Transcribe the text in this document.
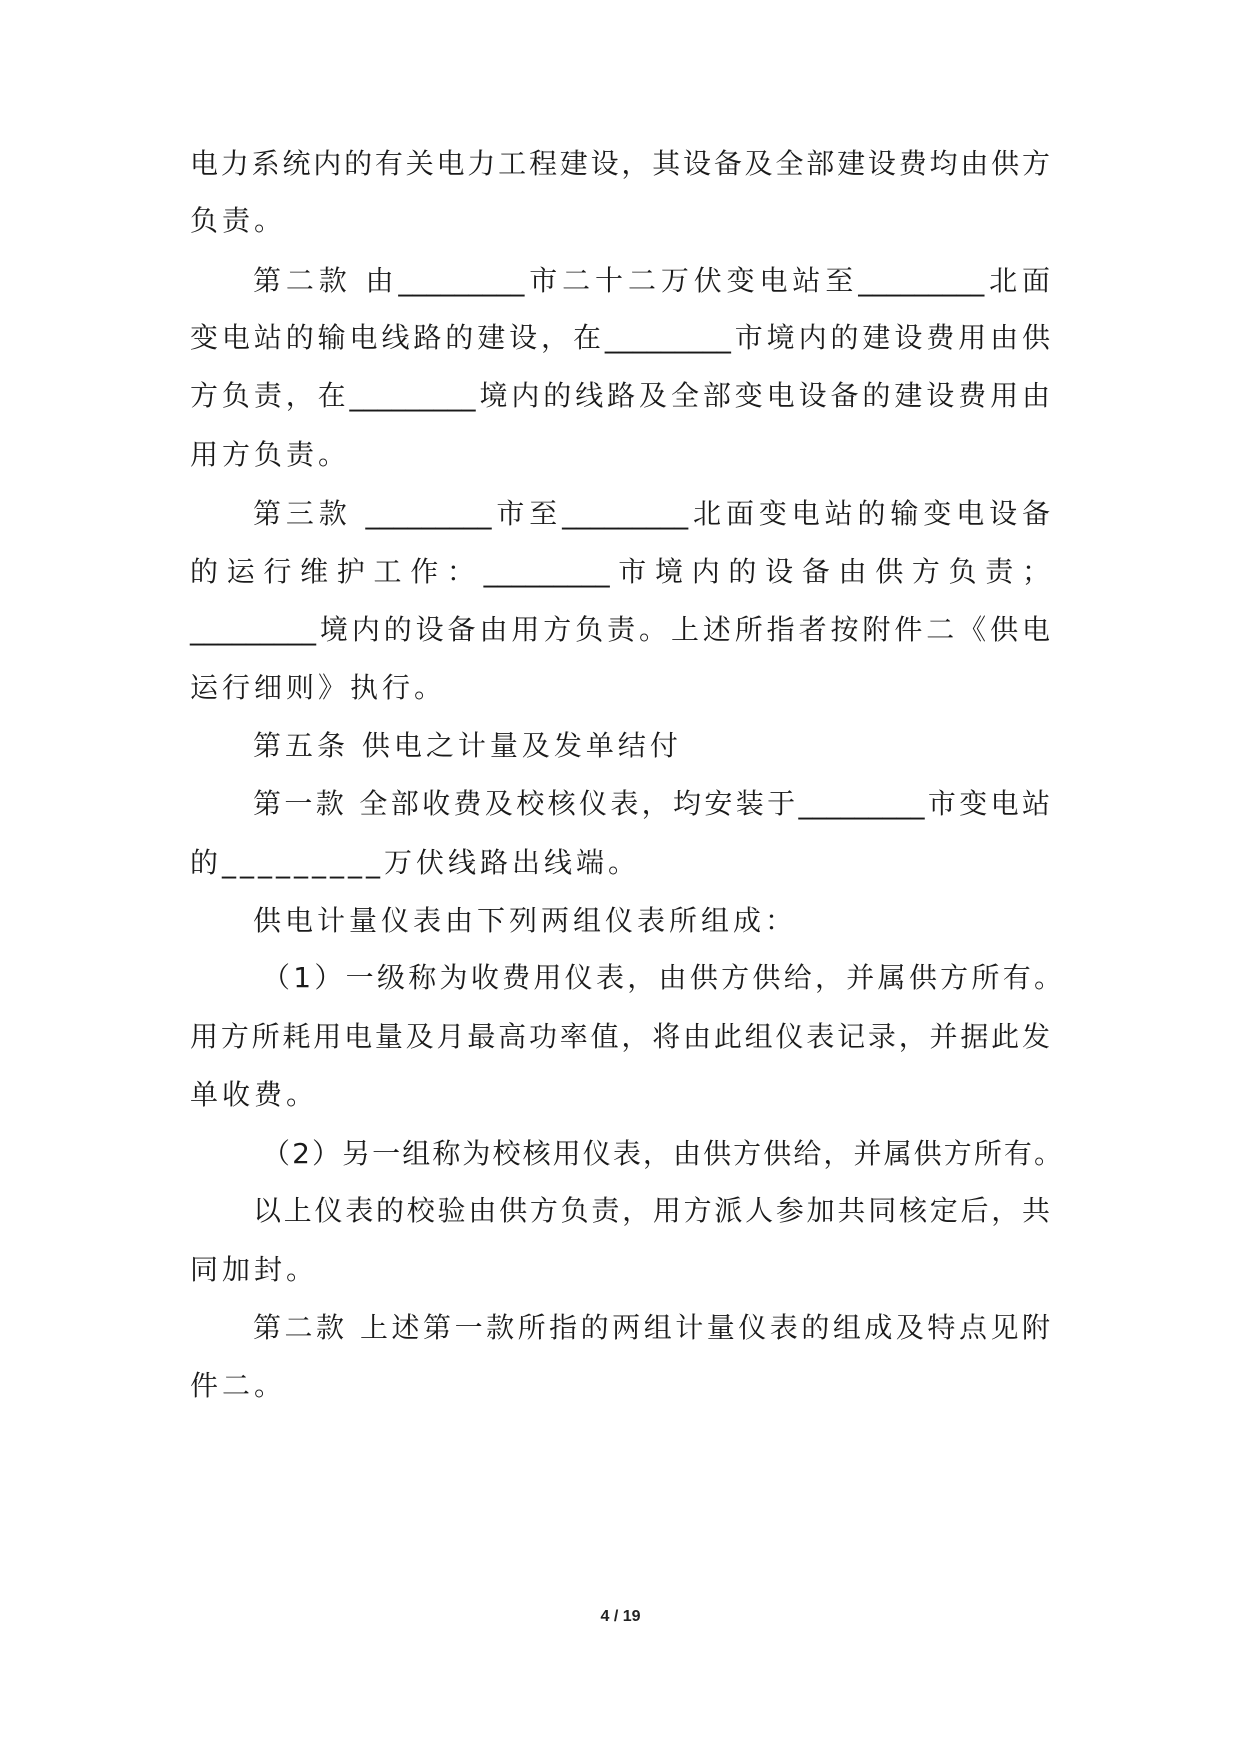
电力系统内的有关电力工程建设，其设备及全部建设费均由供方
负责。
第二款 由_________市二十二万伏变电站至_________北面
变电站的输电线路的建设，在_________市境内的建设费用由供
方负责，在_________境内的线路及全部变电设备的建设费用由
用方负责。
第三款 _________市至_________北面变电站的输变电设备
的运行维护工作：_________市境内的设备由供方负责；
_________境内的设备由用方负责。上述所指者按附件二《供电
运行细则》执行。
第五条 供电之计量及发单结付
第一款 全部收费及校核仪表，均安装于_________市变电站
的_________万伏线路出线端。
供电计量仪表由下列两组仪表所组成：
（1）一级称为收费用仪表，由供方供给，并属供方所有。
用方所耗用电量及月最高功率值，将由此组仪表记录，并据此发
单收费。
（2）另一组称为校核用仪表，由供方供给，并属供方所有。
以上仪表的校验由供方负责，用方派人参加共同核定后，共
同加封。
第二款 上述第一款所指的两组计量仪表的组成及特点见附
件二。
4 / 19
